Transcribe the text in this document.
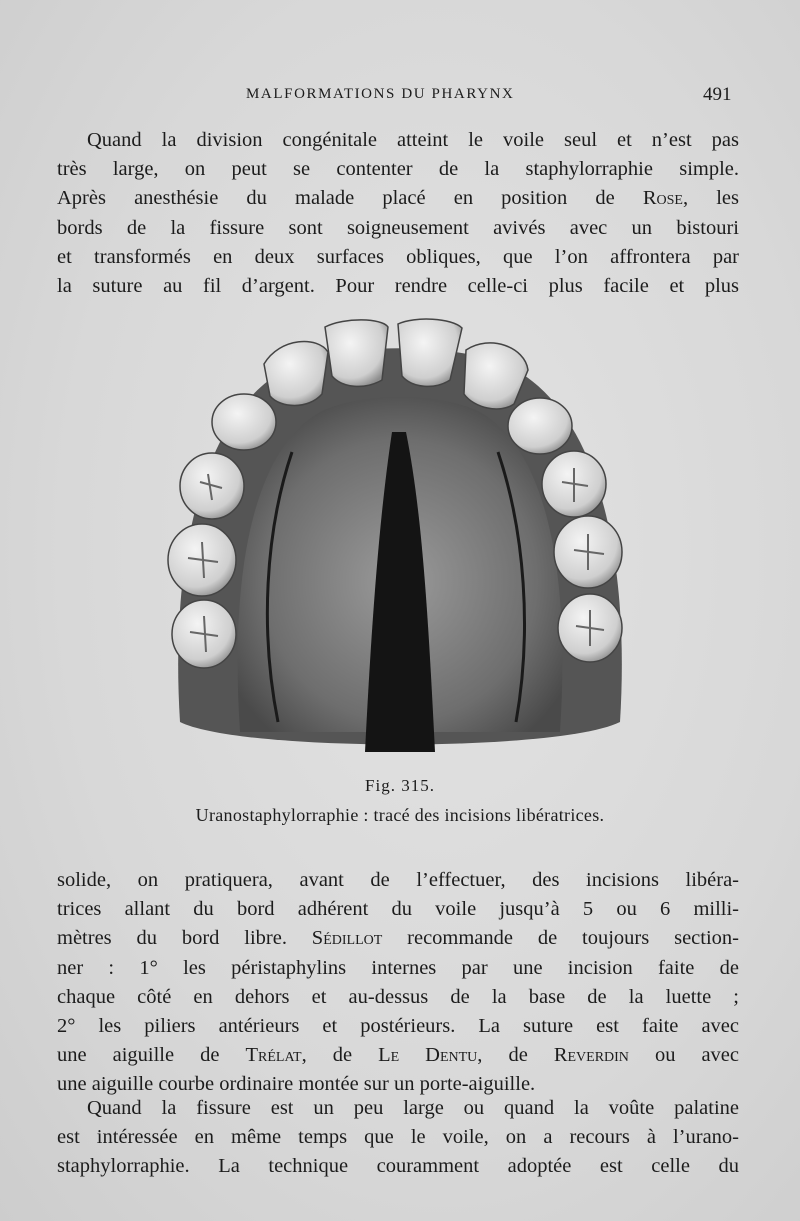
MALFORMATIONS DU PHARYNX	491

Quand la division congénitale atteint le voile seul et n’est pas
très large, on peut se contenter de la staphylorraphie simple.
Après anesthésie du malade placé en position de Rose, les
bords de la fissure sont soigneusement avivés avec un bistouri
et transformés en deux surfaces obliques, que l’on affrontera par
la suture au fil d’argent. Pour rendre celle-ci plus facile et plus

Fig. 315.
Uranostaphylorraphie : tracé des incisions libératrices.

solide, on pratiquera, avant de l’effectuer, des incisions libéra-
trices allant du bord adhérent du voile jusqu’à 5 ou 6 milli-
mètres du bord libre. Sédillot recommande de toujours section-
ner : 1° les péristaphylins internes par une incision faite de
chaque côté en dehors et au-dessus de la base de la luette ;
2° les piliers antérieurs et postérieurs. La suture est faite avec
une aiguille de Trélat, de Le Dentu, de Reverdin ou avec
une aiguille courbe ordinaire montée sur un porte-aiguille.

Quand la fissure est un peu large ou quand la voûte palatine
est intéressée en même temps que le voile, on a recours à l’urano-
staphylorraphie. La technique couramment adoptée est celle du
